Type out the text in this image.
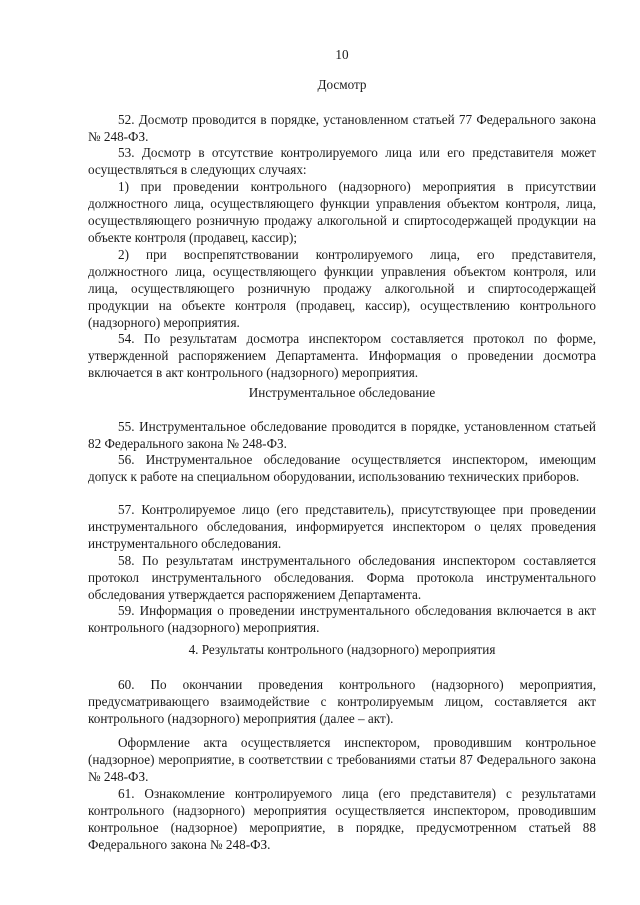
10
Досмотр

52. Досмотр проводится в порядке, установленном статьей 77 Федерального закона № 248-ФЗ.

53. Досмотр в отсутствие контролируемого лица или его представителя может осуществляться в следующих случаях:

1) при проведении контрольного (надзорного) мероприятия в присутствии должностного лица, осуществляющего функции управления объектом контроля, лица, осуществляющего розничную продажу алкогольной и спиртосодержащей продукции на объекте контроля (продавец, кассир);

2) при воспрепятствовании контролируемого лица, его представителя, должностного лица, осуществляющего функции управления объектом контроля, или лица, осуществляющего розничную продажу алкогольной и спиртосодержащей продукции на объекте контроля (продавец, кассир), осуществлению контрольного (надзорного) мероприятия.

54. По результатам досмотра инспектором составляется протокол по форме, утвержденной распоряжением Департамента. Информация о проведении досмотра включается в акт контрольного (надзорного) мероприятия.

Инструментальное обследование

55. Инструментальное обследование проводится в порядке, установленном статьей 82 Федерального закона № 248-ФЗ.

56. Инструментальное обследование осуществляется инспектором, имеющим допуск к работе на специальном оборудовании, использованию технических приборов.

57. Контролируемое лицо (его представитель), присутствующее при проведении инструментального обследования, информируется инспектором о целях проведения инструментального обследования.

58. По результатам инструментального обследования инспектором составляется протокол инструментального обследования. Форма протокола инструментального обследования утверждается распоряжением Департамента.

59. Информация о проведении инструментального обследования включается в акт контрольного (надзорного) мероприятия.

4. Результаты контрольного (надзорного) мероприятия

60. По окончании проведения контрольного (надзорного) мероприятия, предусматривающего взаимодействие с контролируемым лицом, составляется акт контрольного (надзорного) мероприятия (далее – акт).

Оформление акта осуществляется инспектором, проводившим контрольное (надзорное) мероприятие, в соответствии с требованиями статьи 87 Федерального закона № 248-ФЗ.

61. Ознакомление контролируемого лица (его представителя) с результатами контрольного (надзорного) мероприятия осуществляется инспектором, проводившим контрольное (надзорное) мероприятие, в порядке, предусмотренном статьей 88 Федерального закона № 248-ФЗ.
